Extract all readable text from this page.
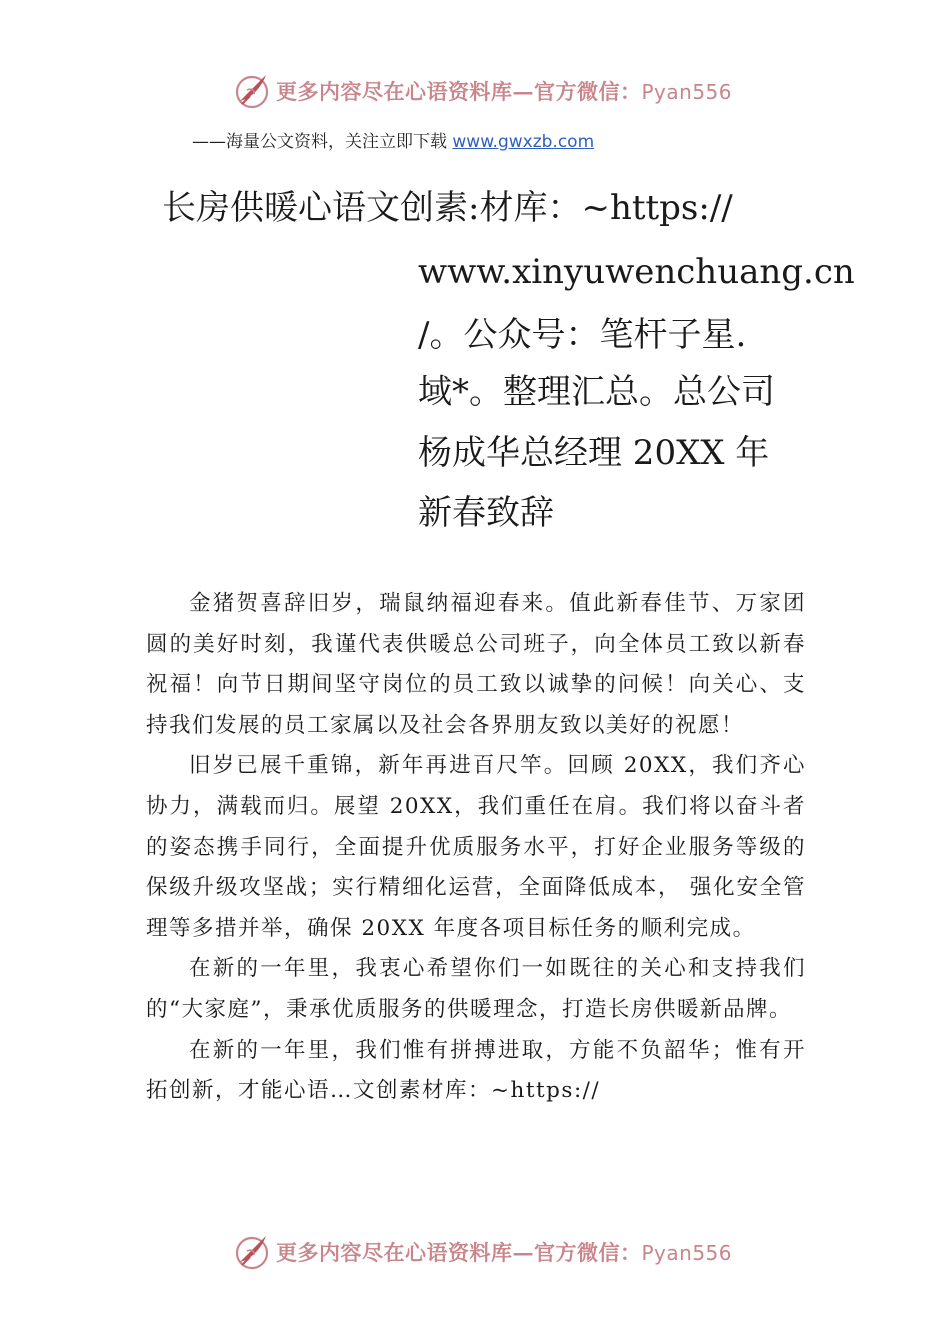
更多内容尽在心语资料库—官方微信：Pyan556
——海量公文资料，关注立即下载 www.gwxzb.com
长房供暖心语文创素:材库：~https://
www.xinyuwenchuang.cn
/。公众号：笔杆子星.
域*。整理汇总。总公司
杨成华总经理 20XX 年
新春致辞

金猪贺喜辞旧岁，瑞鼠纳福迎春来。值此新春佳节、万家团圆的美好时刻，我谨代表供暖总公司班子，向全体员工致以新春祝福！向节日期间坚守岗位的员工致以诚挚的问候！向关心、支持我们发展的员工家属以及社会各界朋友致以美好的祝愿！

旧岁已展千重锦，新年再进百尺竿。回顾 20XX，我们齐心协力，满载而归。展望 20XX，我们重任在肩。我们将以奋斗者的姿态携手同行，全面提升优质服务水平，打好企业服务等级的保级升级攻坚战；实行精细化运营，全面降低成本， 强化安全管理等多措并举，确保 20XX 年度各项目标任务的顺利完成。

在新的一年里，我衷心希望你们一如既往的关心和支持我们的“大家庭”，秉承优质服务的供暖理念，打造长房供暖新品牌。

在新的一年里，我们惟有拼搏进取，方能不负韶华；惟有开拓创新，才能心语…文创素材库：~https://

更多内容尽在心语资料库—官方微信：Pyan556
